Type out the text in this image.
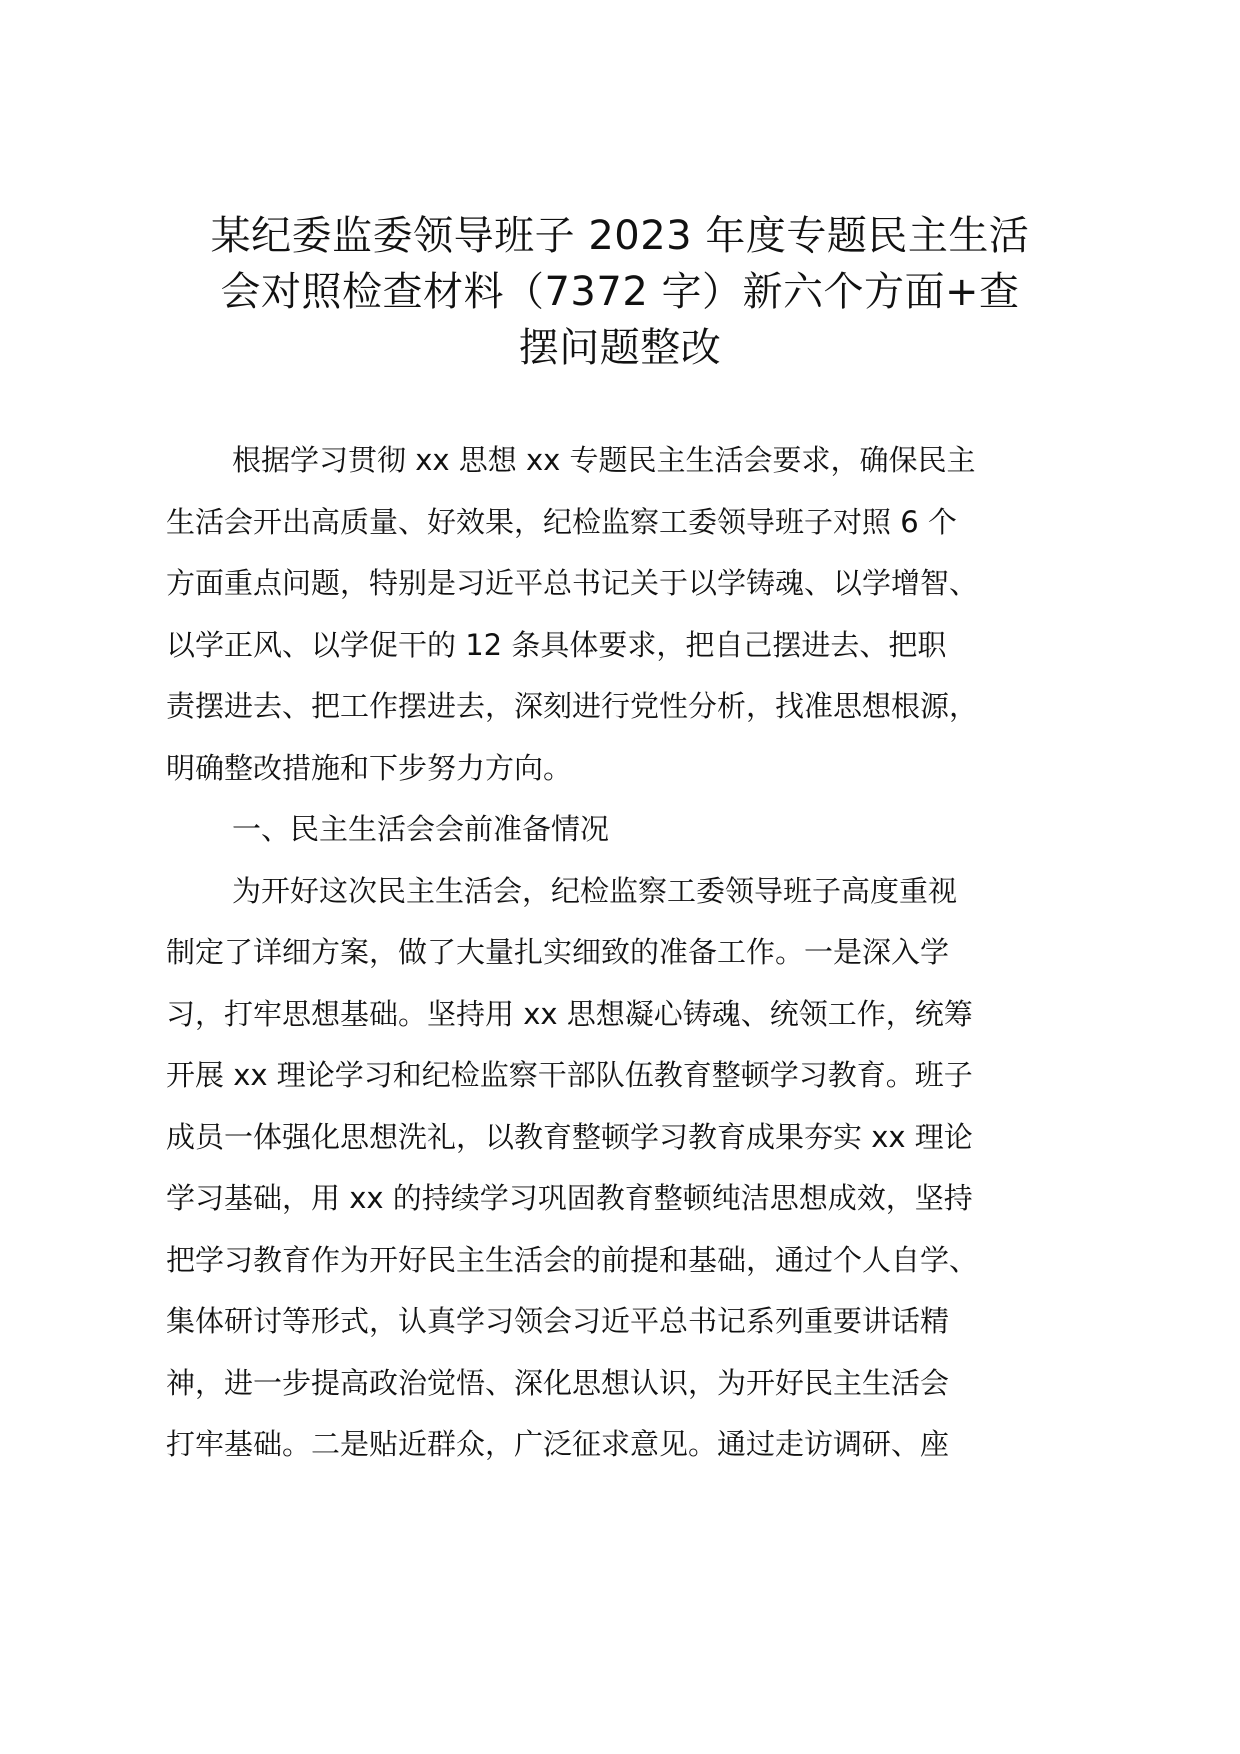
某纪委监委领导班子 2023 年度专题民主生活
会对照检查材料（7372 字）新六个方面+查
摆问题整改
根据学习贯彻 xx 思想 xx 专题民主生活会要求，确保民主
生活会开出高质量、好效果，纪检监察工委领导班子对照 6 个
方面重点问题，特别是习近平总书记关于以学铸魂、以学增智、
以学正风、以学促干的 12 条具体要求，把自己摆进去、把职
责摆进去、把工作摆进去，深刻进行党性分析，找准思想根源，
明确整改措施和下步努力方向。
一、民主生活会会前准备情况
为开好这次民主生活会，纪检监察工委领导班子高度重视
制定了详细方案，做了大量扎实细致的准备工作。一是深入学
习，打牢思想基础。坚持用 xx 思想凝心铸魂、统领工作，统筹
开展 xx 理论学习和纪检监察干部队伍教育整顿学习教育。班子
成员一体强化思想洗礼，以教育整顿学习教育成果夯实 xx 理论
学习基础，用 xx 的持续学习巩固教育整顿纯洁思想成效，坚持
把学习教育作为开好民主生活会的前提和基础，通过个人自学、
集体研讨等形式，认真学习领会习近平总书记系列重要讲话精
神，进一步提高政治觉悟、深化思想认识，为开好民主生活会
打牢基础。二是贴近群众，广泛征求意见。通过走访调研、座
